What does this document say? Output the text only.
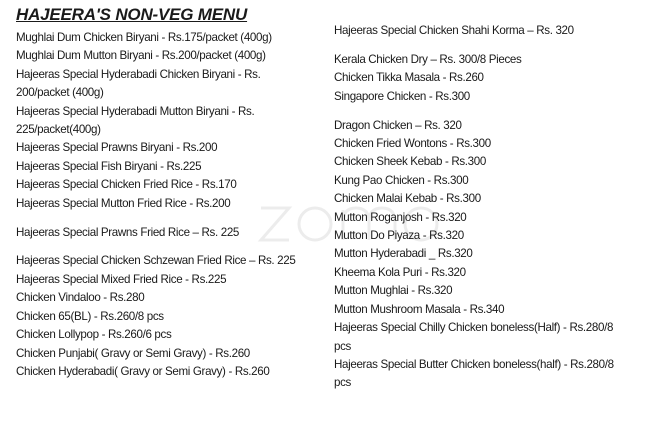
HAJEERA'S NON-VEG MENU
Mughlai Dum Chicken Biryani - Rs.175/packet (400g)
Mughlai Dum Mutton Biryani - Rs.200/packet (400g)
Hajeeras Special Hyderabadi Chicken Biryani - Rs.
200/packet (400g)
Hajeeras Special Hyderabadi Mutton Biryani - Rs.
225/packet(400g)
Hajeeras Special Prawns Biryani - Rs.200
Hajeeras Special Fish Biryani - Rs.225
Hajeeras Special Chicken Fried Rice - Rs.170
Hajeeras Special Mutton Fried Rice - Rs.200
Hajeeras Special Prawns Fried Rice – Rs. 225
Hajeeras Special Chicken Schzewan Fried Rice – Rs. 225
Hajeeras Special Mixed Fried Rice - Rs.225
Chicken Vindaloo - Rs.280
Chicken 65(BL) - Rs.260/8 pcs
Chicken Lollypop - Rs.260/6 pcs
Chicken Punjabi( Gravy or Semi Gravy) - Rs.260
Chicken Hyderabadi( Gravy or Semi Gravy) - Rs.260
Hajeeras Special Chicken Shahi Korma – Rs. 320
Kerala Chicken Dry – Rs. 300/8 Pieces
Chicken Tikka Masala - Rs.260
Singapore Chicken - Rs.300
Dragon Chicken – Rs. 320
Chicken Fried Wontons - Rs.300
Chicken Sheek Kebab - Rs.300
Kung Pao Chicken - Rs.300
Chicken Malai Kebab - Rs.300
Mutton Roganjosh - Rs.320
Mutton Do Piyaza - Rs.320
Mutton Hyderabadi _ Rs.320
Kheema Kola Puri - Rs.320
Mutton Mughlai - Rs.320
Mutton Mushroom Masala - Rs.340
Hajeeras Special Chilly Chicken boneless(Half) - Rs.280/8
pcs
Hajeeras Special Butter Chicken boneless(half) - Rs.280/8
pcs
